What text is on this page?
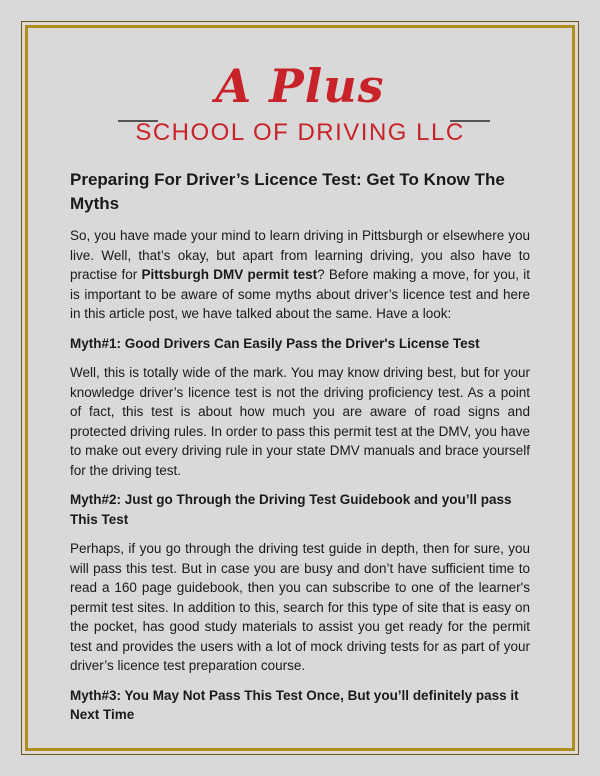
A Plus
SCHOOL OF DRIVING LLC
Preparing For Driver’s Licence Test: Get To Know The Myths

So, you have made your mind to learn driving in Pittsburgh or elsewhere you live. Well, that’s okay, but apart from learning driving, you also have to practise for Pittsburgh DMV permit test? Before making a move, for you, it is important to be aware of some myths about driver’s licence test and here in this article post, we have talked about the same. Have a look:

Myth#1: Good Drivers Can Easily Pass the Driver's License Test

Well, this is totally wide of the mark. You may know driving best, but for your knowledge driver’s licence test is not the driving proficiency test. As a point of fact, this test is about how much you are aware of road signs and protected driving rules. In order to pass this permit test at the DMV, you have to make out every driving rule in your state DMV manuals and brace yourself for the driving test.

Myth#2: Just go Through the Driving Test Guidebook and you’ll pass This Test

Perhaps, if you go through the driving test guide in depth, then for sure, you will pass this test. But in case you are busy and don’t have sufficient time to read a 160 page guidebook, then you can subscribe to one of the learner's permit test sites. In addition to this, search for this type of site that is easy on the pocket, has good study materials to assist you get ready for the permit test and provides the users with a lot of mock driving tests for as part of your driver’s licence test preparation course.

Myth#3: You May Not Pass This Test Once, But you’ll definitely pass it Next Time
